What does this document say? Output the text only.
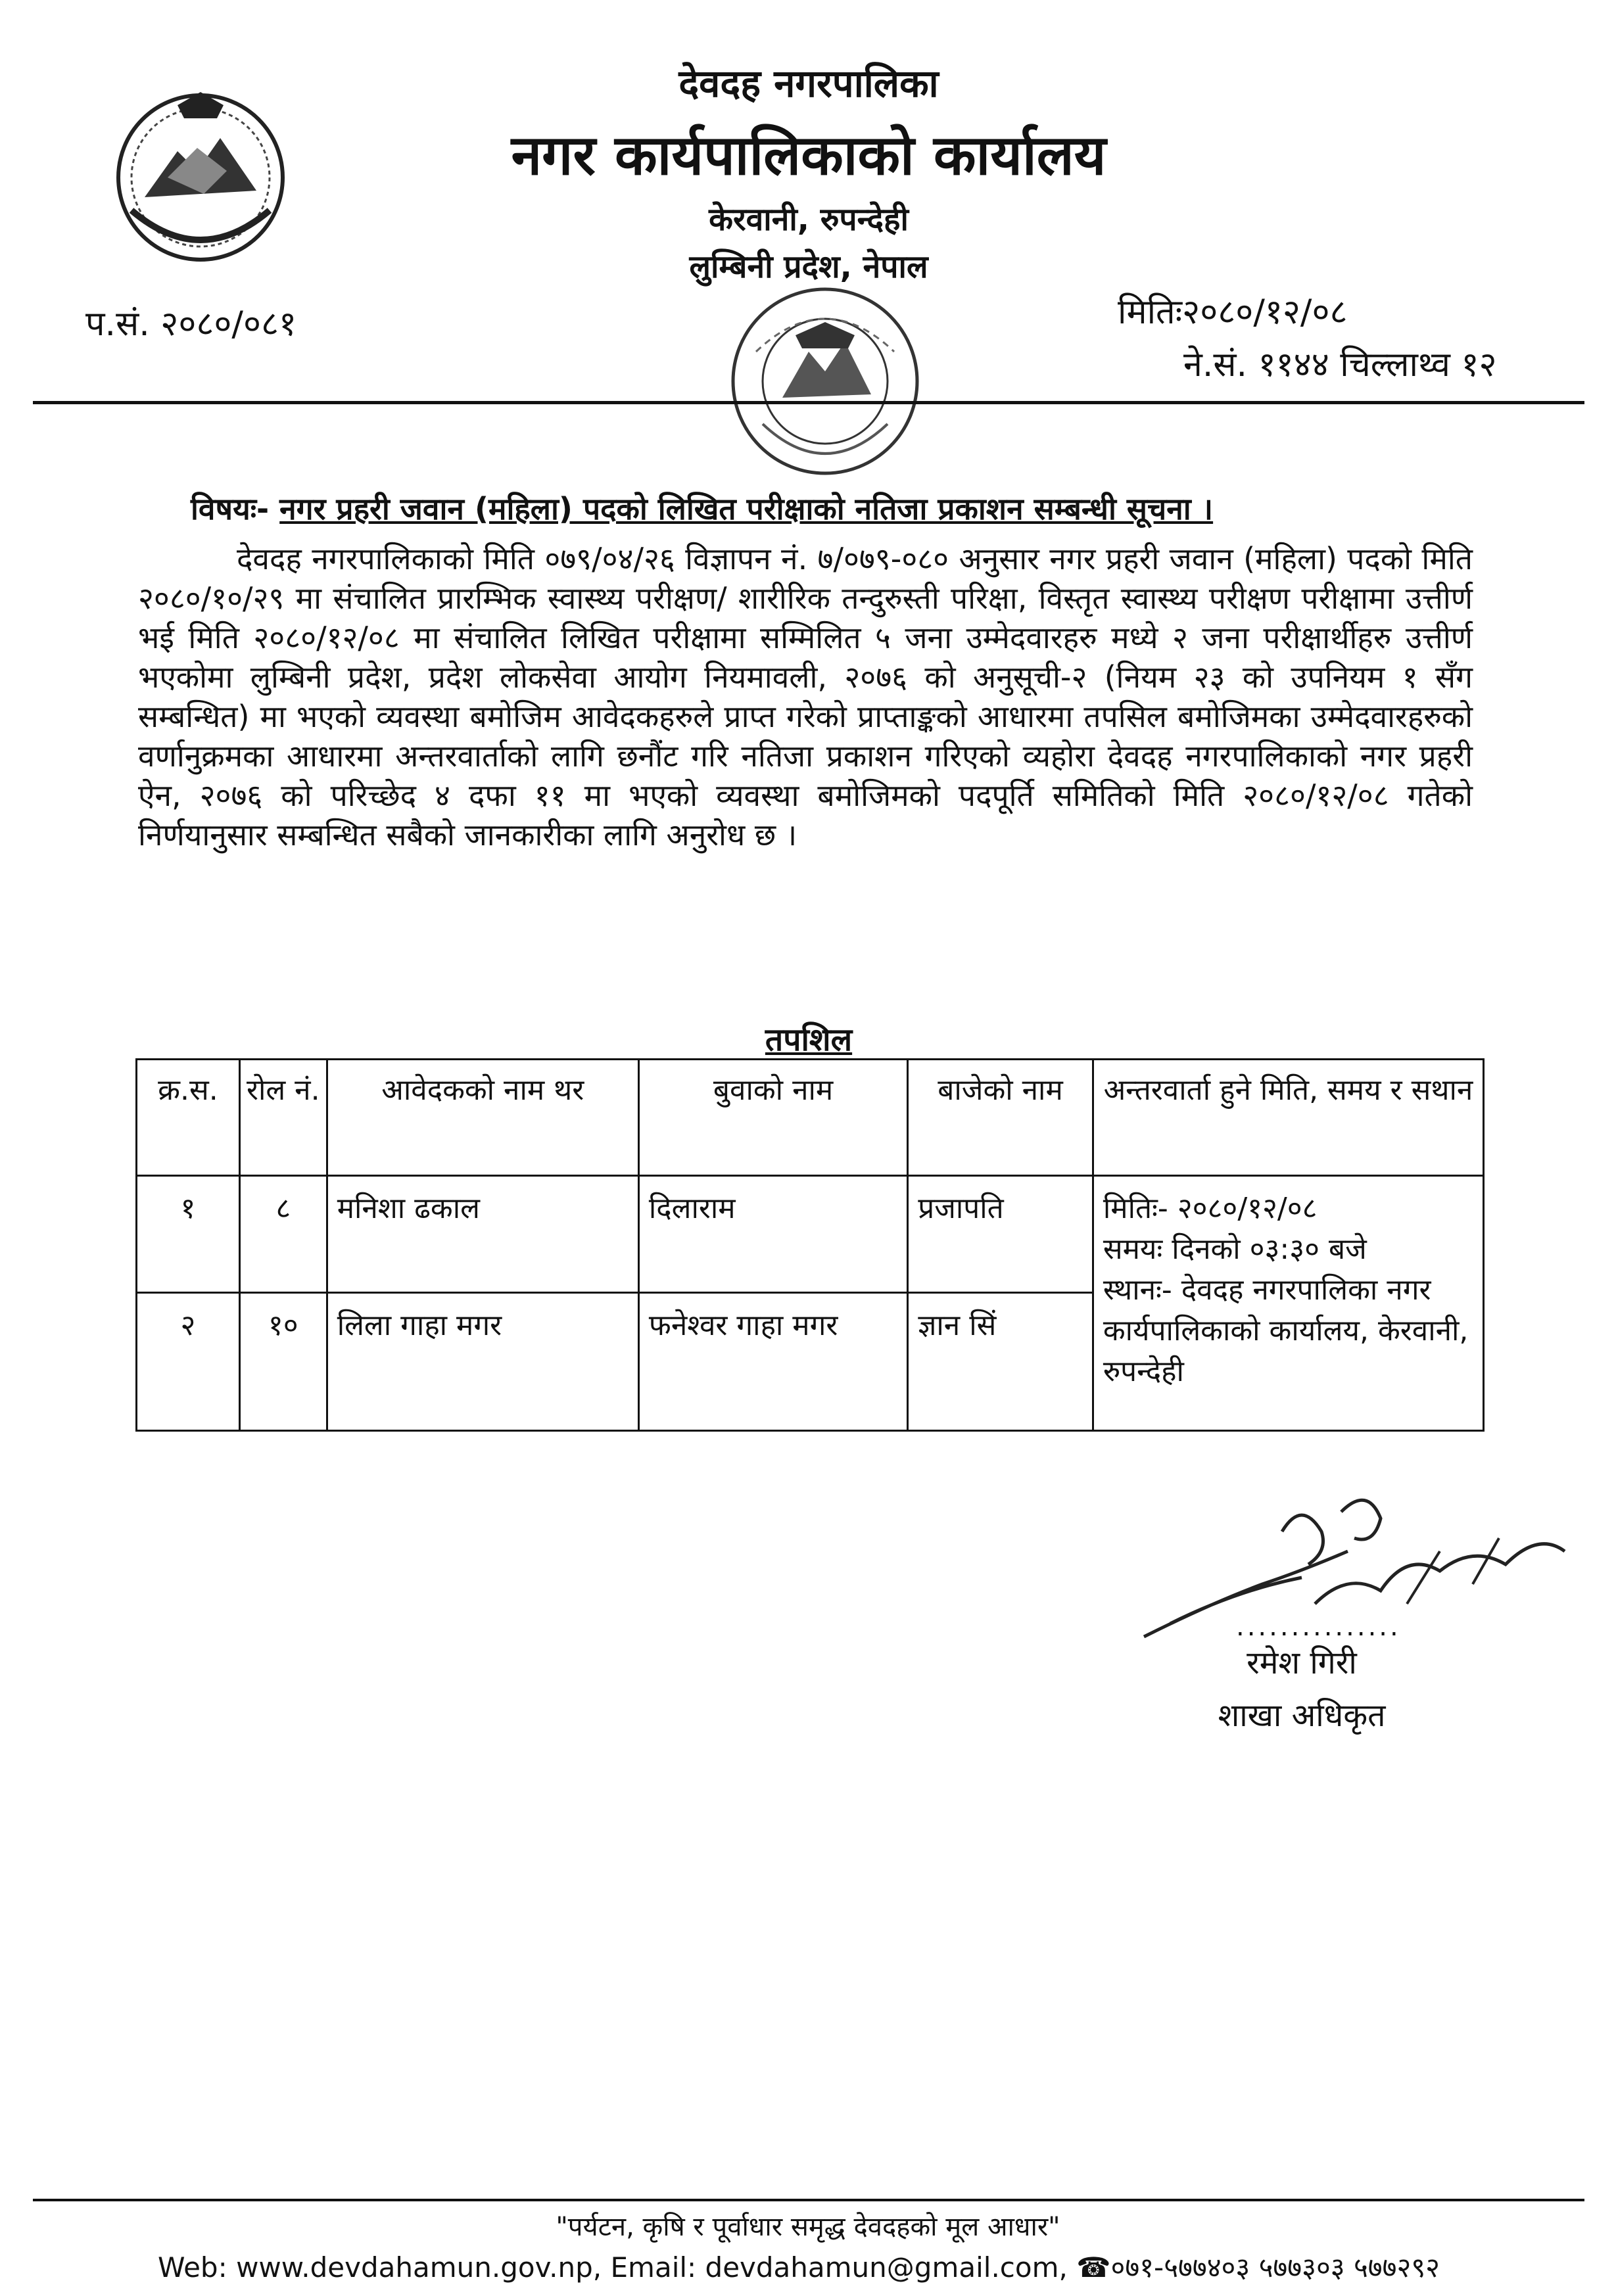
देवदह नगरपालिका
नगर कार्यपालिकाको कार्यालय
केरवानी, रुपन्देही
लुम्बिनी प्रदेश, नेपाल
प.सं. २०८०/०८१	मितिः२०८०/१२/०८
ने.सं. ११४४ चिल्लाथ्व १२
विषयः- नगर प्रहरी जवान (महिला) पदको लिखित परीक्षाको नतिजा प्रकाशन सम्बन्धी सूचना ।
देवदह नगरपालिकाको मिति ०७९/०४/२६ विज्ञापन नं. ७/०७९-०८० अनुसार नगर प्रहरी जवान (महिला) पदको मिति २०८०/१०/२९ मा संचालित प्रारम्भिक स्वास्थ्य परीक्षण/ शारीरिक तन्दुरुस्ती परिक्षा, विस्तृत स्वास्थ्य परीक्षण परीक्षामा उत्तीर्ण भई मिति २०८०/१२/०८ मा संचालित लिखित परीक्षामा सम्मिलित ५ जना उम्मेदवारहरु मध्ये २ जना परीक्षार्थीहरु उत्तीर्ण भएकोमा लुम्बिनी प्रदेश, प्रदेश लोकसेवा आयोग नियमावली, २०७६ को अनुसूची-२ (नियम २३ को उपनियम १ सँग सम्बन्धित) मा भएको व्यवस्था बमोजिम आवेदकहरुले प्राप्त गरेको प्राप्ताङ्कको आधारमा तपसिल बमोजिमका उम्मेदवारहरुको वर्णानुक्रमका आधारमा अन्तरवार्ताको लागि छनौंट गरि नतिजा प्रकाशन गरिएको व्यहोरा देवदह नगरपालिकाको नगर प्रहरी ऐन, २०७६ को परिच्छेद ४ दफा ११ मा भएको व्यवस्था बमोजिमको पदपूर्ति समितिको मिति २०८०/१२/०८ गतेको निर्णयानुसार सम्बन्धित सबैको जानकारीका लागि अनुरोध छ ।
तपशिल
क्र.स.	रोल नं.	आवेदकको नाम थर	बुवाको नाम	बाजेको नाम	अन्तरवार्ता हुने मिति, समय र सथान
१	८	मनिशा ढकाल	दिलाराम	प्रजापति	मितिः- २०८०/१२/०८
समयः दिनको ०३:३० बजे
स्थानः- देवदह नगरपालिका नगर कार्यपालिकाको कार्यालय, केरवानी, रुपन्देही

२	१०	लिला गाहा मगर	फनेश्वर गाहा मगर	ज्ञान सिं	
...............
रमेश गिरी
शाखा अधिकृत
"पर्यटन, कृषि र पूर्वाधार समृद्ध देवदहको मूल आधार"
Web: www.devdahamun.gov.np, Email: devdahamun@gmail.com, ☎०७१-५७७४०३ ५७७३०३ ५७७२९२
